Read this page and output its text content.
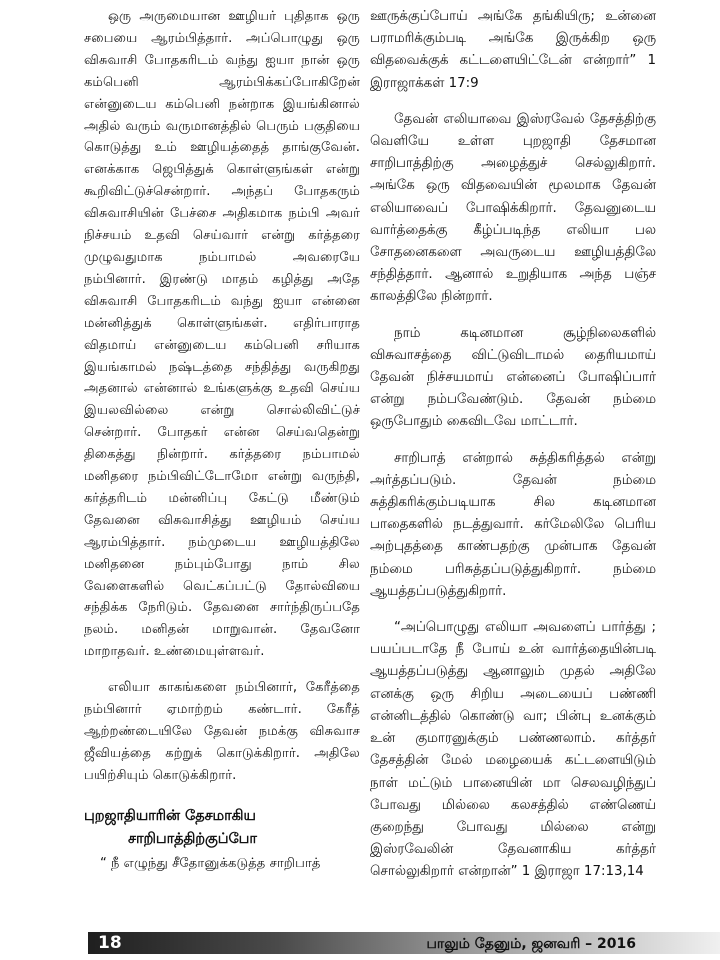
ஒரு அருமையான ஊழியர் புதிதாக ஒரு சபையை ஆரம்பித்தார். அப்பொழுது ஒரு விசுவாசி போதகரிடம் வந்து ஐயா நான் ஒரு கம்பெனி ஆரம்பிக்கப்போகிறேன் என்னுடைய கம்பெனி நன்றாக இயங்கினால் அதில் வரும் வருமானத்தில் பெரும் பகுதியை கொடுத்து உம் ஊழியத்தைத் தாங்குவேன். எனக்காக ஜெபித்துக் கொள்ளுங்கள் என்று கூறிவிட்டுச்சென்றார். அந்தப் போதகரும் விசுவாசியின் பேச்சை அதிகமாக நம்பி அவர் நிச்சயம் உதவி செய்வார் என்று கர்த்தரை முழுவதுமாக நம்பாமல் அவரையே நம்பினார். இரண்டு மாதம் கழித்து அதே விசுவாசி போதகரிடம் வந்து ஐயா என்னை மன்னித்துக் கொள்ளுங்கள். எதிர்பாராத விதமாய் என்னுடைய கம்பெனி சரியாக இயங்காமல் நஷ்டத்தை சந்தித்து வருகிறது அதனால் என்னால் உங்களுக்கு உதவி செய்ய இயலவில்லை என்று சொல்லிவிட்டுச் சென்றார். போதகர் என்ன செய்வதென்று திகைத்து நின்றார். கர்த்தரை நம்பாமல் மனிதரை நம்பிவிட்டோமோ என்று வருந்தி, கர்த்தரிடம் மன்னிப்பு கேட்டு மீண்டும் தேவனை விசுவாசித்து ஊழியம் செய்ய ஆரம்பித்தார். நம்முடைய ஊழியத்திலே மனிதனை நம்பும்போது நாம் சில வேளைகளில் வெட்கப்பட்டு தோல்வியை சந்திக்க நேரிடும். தேவனை சார்ந்திருப்பதே நலம். மனிதன் மாறுவான். தேவனோ மாறாதவர். உண்மையுள்ளவர்.

எலியா காகங்களை நம்பினார், கேரீத்தை நம்பினார் ஏமாற்றம் கண்டார். கேரீத் ஆற்றண்டையிலே தேவன் நமக்கு விசுவாச ஜீவியத்தை கற்றுக் கொடுக்கிறார். அதிலே பயிற்சியும் கொடுக்கிறார்.

புறஜாதியாரின் தேசமாகிய
சாறிபாத்திற்குப்போ

“ நீ எழுந்து சீதோனுக்கடுத்த சாறிபாத்

ஊருக்குப்போய் அங்கே தங்கியிரு; உன்னை பராமரிக்கும்படி அங்கே இருக்கிற ஒரு விதவைக்குக் கட்டளையிட்டேன் என்றார்” 1 இராஜாக்கள் 17:9

தேவன் எலியாவை இஸ்ரவேல் தேசத்திற்கு வெளியே உள்ள புறஜாதி தேசமான சாறிபாத்திற்கு அழைத்துச் செல்லுகிறார். அங்கே ஒரு விதவையின் மூலமாக தேவன் எலியாவைப் போஷிக்கிறார். தேவனுடைய வார்த்தைக்கு கீழ்ப்படிந்த எலியா பல சோதனைகளை அவருடைய ஊழியத்திலே சந்தித்தார். ஆனால் உறுதியாக அந்த பஞ்ச காலத்திலே நின்றார்.

நாம் கடினமான சூழ்நிலைகளில் விசுவாசத்தை விட்டுவிடாமல் தைரியமாய் தேவன் நிச்சயமாய் என்னைப் போஷிப்பார் என்று நம்பவேண்டும். தேவன் நம்மை ஒருபோதும் கைவிடவே மாட்டார்.

சாறிபாத் என்றால் சுத்திகரித்தல் என்று அர்த்தப்படும். தேவன் நம்மை சுத்திகரிக்கும்படியாக சில கடினமான பாதைகளில் நடத்துவார். கர்மேலிலே பெரிய அற்புதத்தை காண்பதற்கு முன்பாக தேவன் நம்மை பரிசுத்தப்படுத்துகிறார். நம்மை ஆயத்தப்படுத்துகிறார்.

“அப்பொழுது எலியா அவளைப் பார்த்து ; பயப்படாதே நீ போய் உன் வார்த்தையின்படி ஆயத்தப்படுத்து ஆனாலும் முதல் அதிலே எனக்கு ஒரு சிறிய அடையைப் பண்ணி என்னிடத்தில் கொண்டு வா; பின்பு உனக்கும் உன் குமாரனுக்கும் பண்ணலாம். கர்த்தர் தேசத்தின் மேல் மழையைக் கட்டளையிடும் நாள் மட்டும் பானையின் மா செலவழிந்துப் போவது மில்லை கலசத்தில் எண்ணெய் குறைந்து போவது மில்லை என்று இஸ்ரவேலின் தேவனாகிய கர்த்தர் சொல்லுகிறார் என்றான்” 1 இராஜா 17:13,14

18	பாலும் தேனும், ஜனவரி – 2016
